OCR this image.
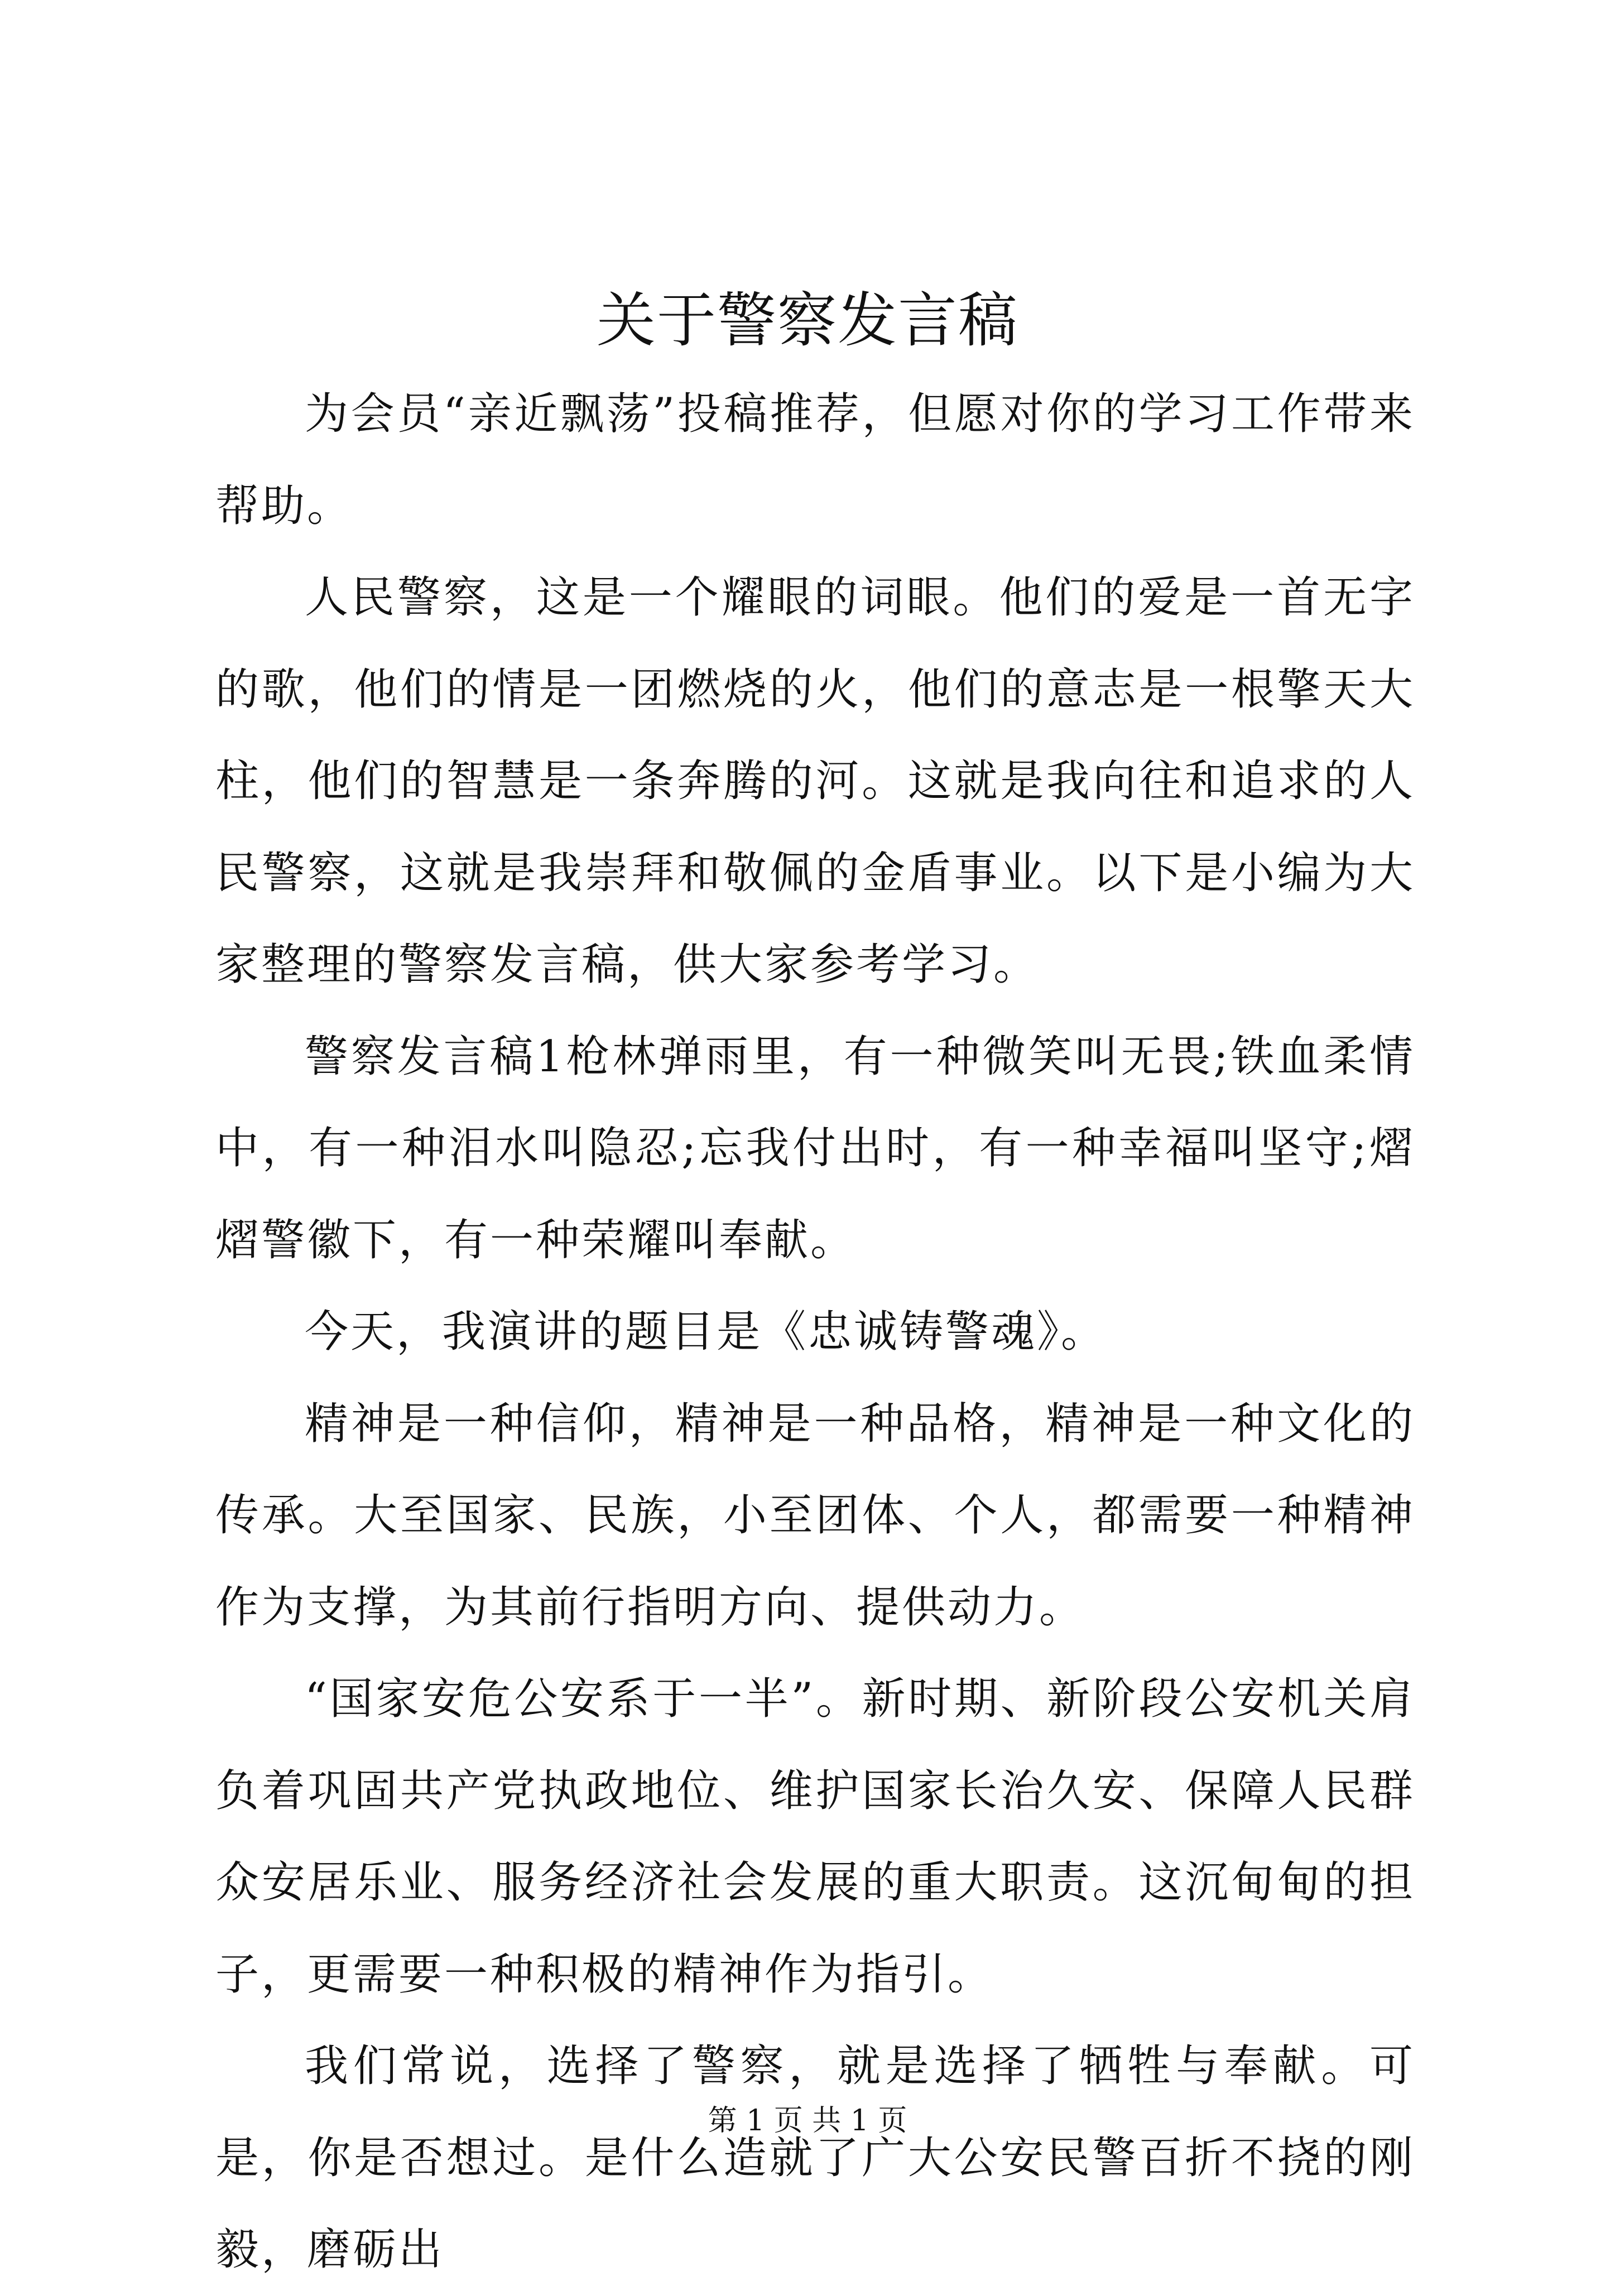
关于警察发言稿

为会员“亲近飘荡”投稿推荐，但愿对你的学习工作带来帮助。

人民警察，这是一个耀眼的词眼。他们的爱是一首无字的歌，他们的情是一团燃烧的火，他们的意志是一根擎天大柱，他们的智慧是一条奔腾的河。这就是我向往和追求的人民警察，这就是我崇拜和敬佩的金盾事业。以下是小编为大家整理的警察发言稿，供大家参考学习。

警察发言稿1枪林弹雨里，有一种微笑叫无畏;铁血柔情中，有一种泪水叫隐忍;忘我付出时，有一种幸福叫坚守;熠熠警徽下，有一种荣耀叫奉献。

今天，我演讲的题目是《忠诚铸警魂》。

精神是一种信仰，精神是一种品格，精神是一种文化的传承。大至国家、民族，小至团体、个人，都需要一种精神作为支撑，为其前行指明方向、提供动力。

“国家安危公安系于一半”。新时期、新阶段公安机关肩负着巩固共产党执政地位、维护国家长治久安、保障人民群众安居乐业、服务经济社会发展的重大职责。这沉甸甸的担子，更需要一种积极的精神作为指引。

我们常说，选择了警察，就是选择了牺牲与奉献。可是，你是否想过。是什么造就了广大公安民警百折不挠的刚毅，磨砺出

第 1 页 共 1 页
